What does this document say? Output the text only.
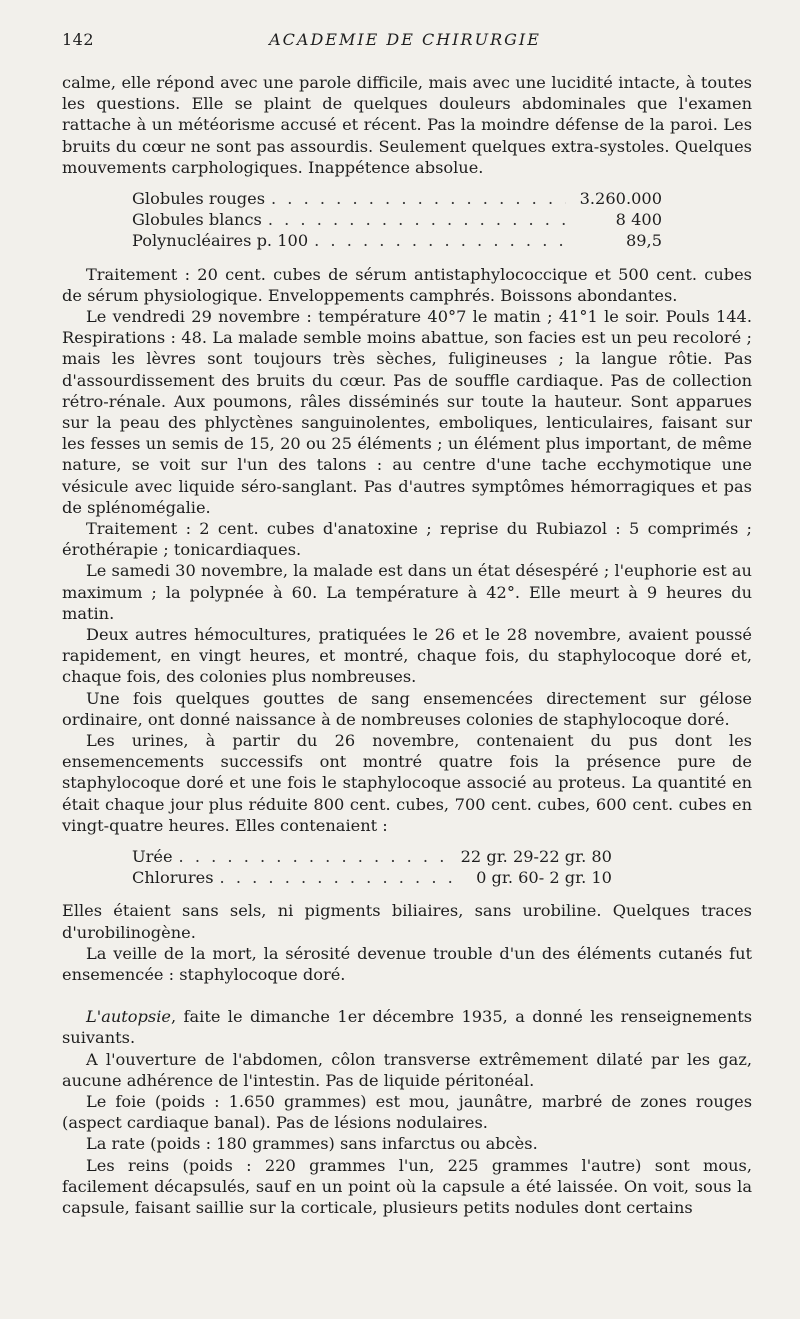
142	ACADEMIE DE CHIRURGIE

calme, elle répond avec une parole difficile, mais avec une lucidité intacte, à toutes les questions. Elle se plaint de quelques douleurs abdominales que l'examen rattache à un météorisme accusé et récent. Pas la moindre défense de la paroi. Les bruits du cœur ne sont pas assourdis. Seulement quelques extra-systoles. Quelques mouvements carphologiques. Inappétence absolue.

Globules rouges . . .	3.260.000
Globules blancs . . .	8 400
Polynucléaires p. 100 . . .	89,5

Traitement : 20 cent. cubes de sérum antistaphylococcique et 500 cent. cubes de sérum physiologique. Enveloppements camphrés. Boissons abondantes.

Le vendredi 29 novembre : température 40°7 le matin ; 41°1 le soir. Pouls 144. Respirations : 48. La malade semble moins abattue, son facies est un peu recoloré ; mais les lèvres sont toujours très sèches, fuligineuses ; la langue rôtie. Pas d'assourdissement des bruits du cœur. Pas de souffle cardiaque. Pas de collection rétro-rénale. Aux poumons, râles disséminés sur toute la hauteur. Sont apparues sur la peau des phlyctènes sanguinolentes, emboliques, lenticulaires, faisant sur les fesses un semis de 15, 20 ou 25 éléments ; un élément plus important, de même nature, se voit sur l'un des talons : au centre d'une tache ecchymotique une vésicule avec liquide séro-sanglant. Pas d'autres symptômes hémorragiques et pas de splénomégalie.

Traitement : 2 cent. cubes d'anatoxine ; reprise du Rubiazol : 5 comprimés ; érothérapie ; tonicardiaques.

Le samedi 30 novembre, la malade est dans un état désespéré ; l'euphorie est au maximum ; la polypnée à 60. La température à 42°. Elle meurt à 9 heures du matin.

Deux autres hémocultures, pratiquées le 26 et le 28 novembre, avaient poussé rapidement, en vingt heures, et montré, chaque fois, du staphylocoque doré et, chaque fois, des colonies plus nombreuses.

Une fois quelques gouttes de sang ensemencées directement sur gélose ordinaire, ont donné naissance à de nombreuses colonies de staphylocoque doré.

Les urines, à partir du 26 novembre, contenaient du pus dont les ensemencements successifs ont montré quatre fois la présence pure de staphylocoque doré et une fois le staphylocoque associé au proteus. La quantité en était chaque jour plus réduite 800 cent. cubes, 700 cent. cubes, 600 cent. cubes en vingt-quatre heures. Elles contenaient :

Urée . . .	22 gr. 29-22 gr. 80
Chlorures . . .	0 gr. 60- 2 gr. 10

Elles étaient sans sels, ni pigments biliaires, sans urobiline. Quelques traces d'urobilinogène.

La veille de la mort, la sérosité devenue trouble d'un des éléments cutanés fut ensemencée : staphylocoque doré.

L'autopsie, faite le dimanche 1er décembre 1935, a donné les renseignements suivants.

A l'ouverture de l'abdomen, côlon transverse extrêmement dilaté par les gaz, aucune adhérence de l'intestin. Pas de liquide péritonéal.

Le foie (poids : 1.650 grammes) est mou, jaunâtre, marbré de zones rouges (aspect cardiaque banal). Pas de lésions nodulaires.

La rate (poids : 180 grammes) sans infarctus ou abcès.

Les reins (poids : 220 grammes l'un, 225 grammes l'autre) sont mous, facilement décapsulés, sauf en un point où la capsule a été laissée. On voit, sous la capsule, faisant saillie sur la corticale, plusieurs petits nodules dont certains
